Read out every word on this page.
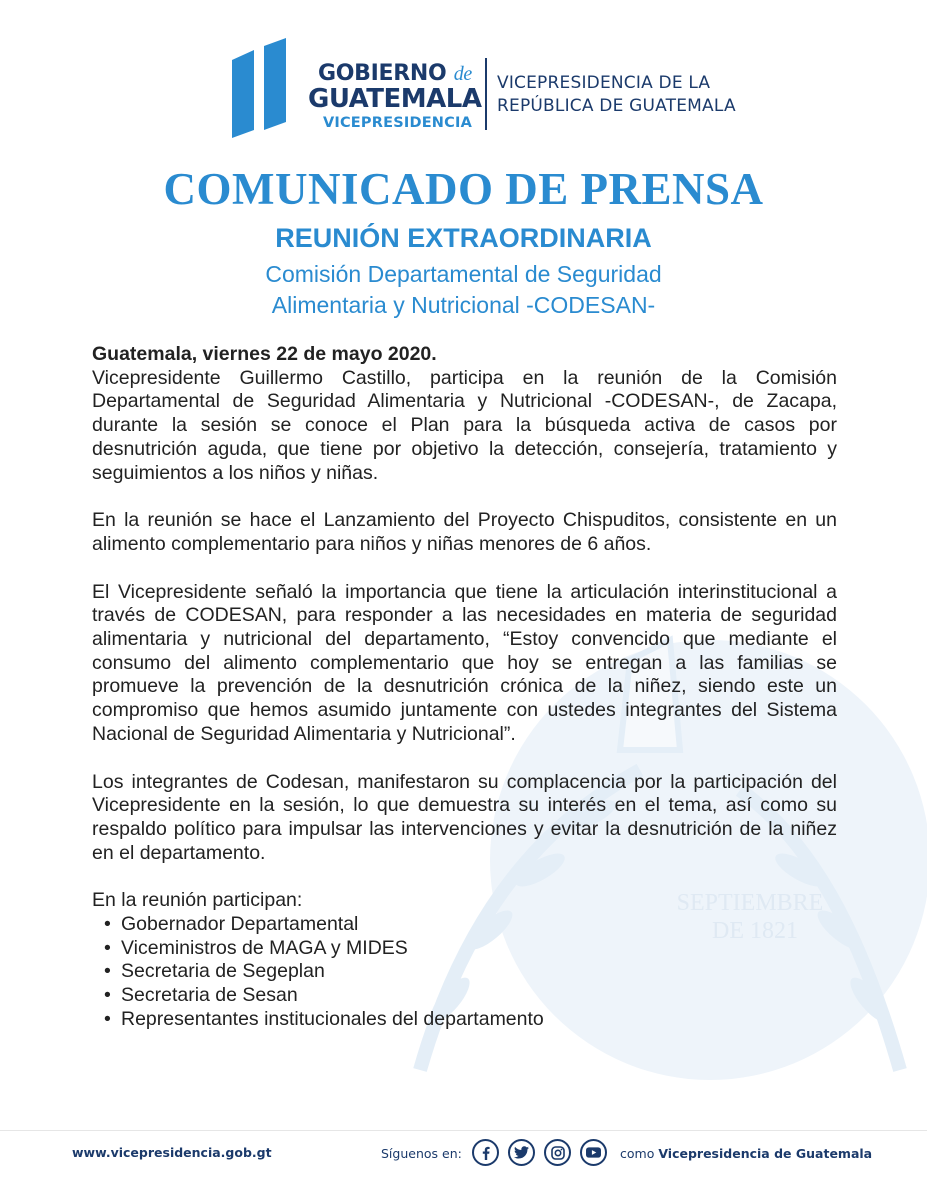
SEPTIEMBRE
DE 1821
GOBIERNO de
GUATEMALA
VICEPRESIDENCIA
VICEPRESIDENCIA DE LA
REPÚBLICA DE GUATEMALA
COMUNICADO DE PRENSA
REUNIÓN EXTRAORDINARIA
Comisión Departamental de Seguridad
Alimentaria y Nutricional -CODESAN-

Guatemala, viernes 22 de mayo 2020.

Vicepresidente Guillermo Castillo, participa en la reunión de la Comisión Departamental de Seguridad Alimentaria y Nutricional -CODESAN-, de Zacapa, durante la sesión se conoce el Plan para la búsqueda activa de casos por desnutrición aguda, que tiene por objetivo la detección, consejería, tratamiento y seguimientos a los niños y niñas.

En la reunión se hace el Lanzamiento del Proyecto Chispuditos, consistente en un alimento complementario para niños y niñas menores de 6 años.

El Vicepresidente señaló la importancia que tiene la articulación interinstitucional a través de CODESAN, para responder a las necesidades en materia de seguridad alimentaria y nutricional del departamento, “Estoy convencido que mediante el consumo del alimento complementario que hoy se entregan a las familias se promueve la prevención de la desnutrición crónica de la niñez, siendo este un compromiso que hemos asumido juntamente con ustedes integrantes del Sistema Nacional de Seguridad Alimentaria y Nutricional”.

Los integrantes de Codesan, manifestaron su complacencia por la participación del Vicepresidente en la sesión, lo que demuestra su interés en el tema, así como su respaldo político para impulsar las intervenciones y evitar la desnutrición de la niñez en el departamento.

En la reunión participan:

• Gobernador Departamental
• Viceministros de MAGA y MIDES
• Secretaria de Segeplan
• Secretaria de Sesan
• Representantes institucionales del departamento
www.vicepresidencia.gob.gt	Síguenos en:	como Vicepresidencia de Guatemala
